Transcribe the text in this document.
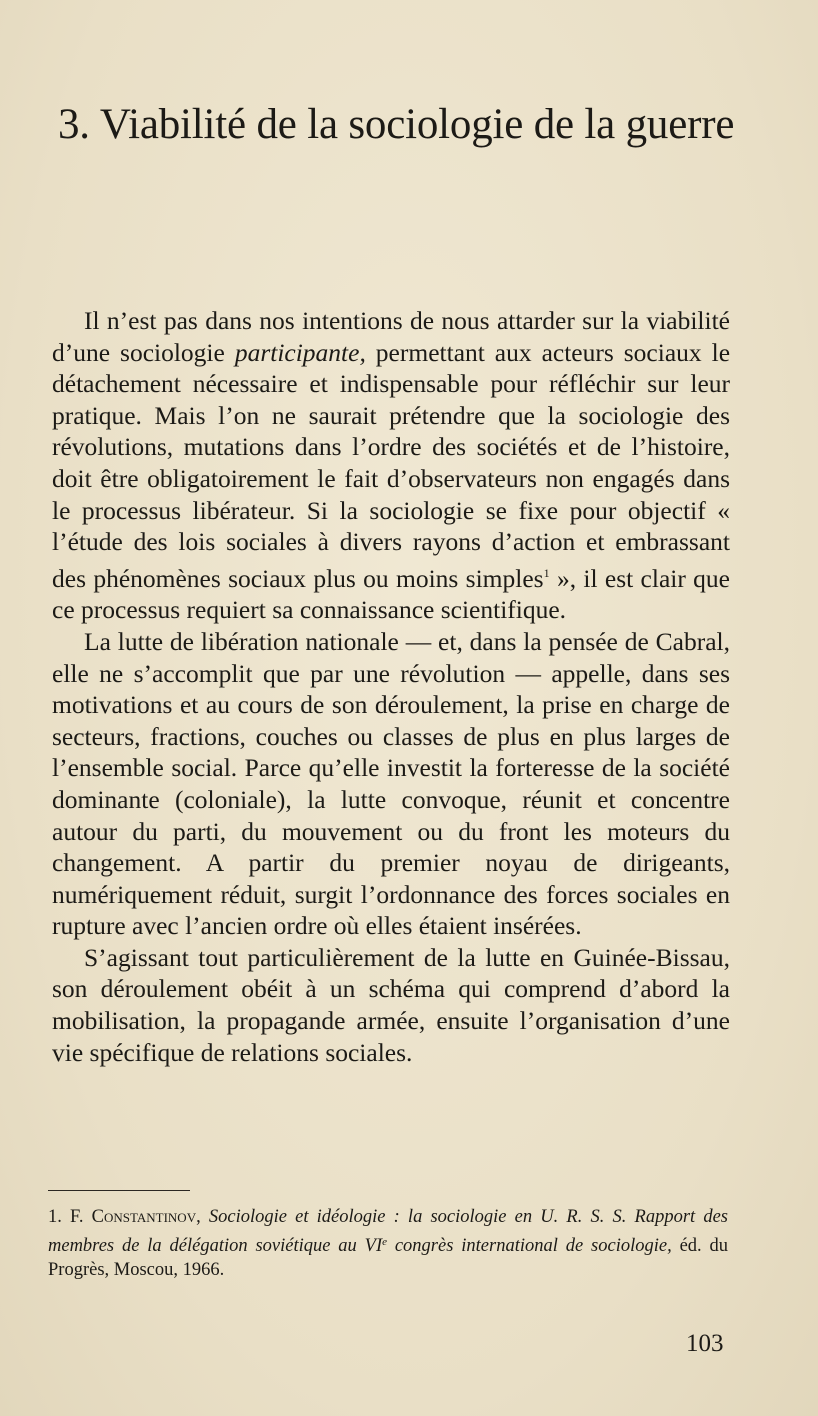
3. Viabilité de la sociologie de la guerre

Il n’est pas dans nos intentions de nous attarder sur la viabilité d’une sociologie participante, permettant aux acteurs sociaux le détachement nécessaire et indispensable pour réfléchir sur leur pratique. Mais l’on ne saurait prétendre que la sociologie des révolutions, mutations dans l’ordre des sociétés et de l’histoire, doit être obligatoirement le fait d’observateurs non engagés dans le processus libérateur. Si la sociologie se fixe pour objectif « l’étude des lois sociales à divers rayons d’action et embrassant des phénomènes sociaux plus ou moins simples$^1$ », il est clair que ce processus requiert sa connaissance scientifique.

La lutte de libération nationale — et, dans la pensée de Cabral, elle ne s’accomplit que par une révolution — appelle, dans ses motivations et au cours de son déroulement, la prise en charge de secteurs, fractions, couches ou classes de plus en plus larges de l’ensemble social. Parce qu’elle investit la forteresse de la société dominante (coloniale), la lutte convoque, réunit et concentre autour du parti, du mouvement ou du front les moteurs du changement. A partir du premier noyau de dirigeants, numériquement réduit, surgit l’ordonnance des forces sociales en rupture avec l’ancien ordre où elles étaient insérées.

S’agissant tout particulièrement de la lutte en Guinée-Bissau, son déroulement obéit à un schéma qui comprend d’abord la mobilisation, la propagande armée, ensuite l’organisation d’une vie spécifique de relations sociales.

1. F. Constantinov, Sociologie et idéologie : la sociologie en U. R. S. S. Rapport des membres de la délégation soviétique au VIe congrès international de sociologie, éd. du Progrès, Moscou, 1966.
103
